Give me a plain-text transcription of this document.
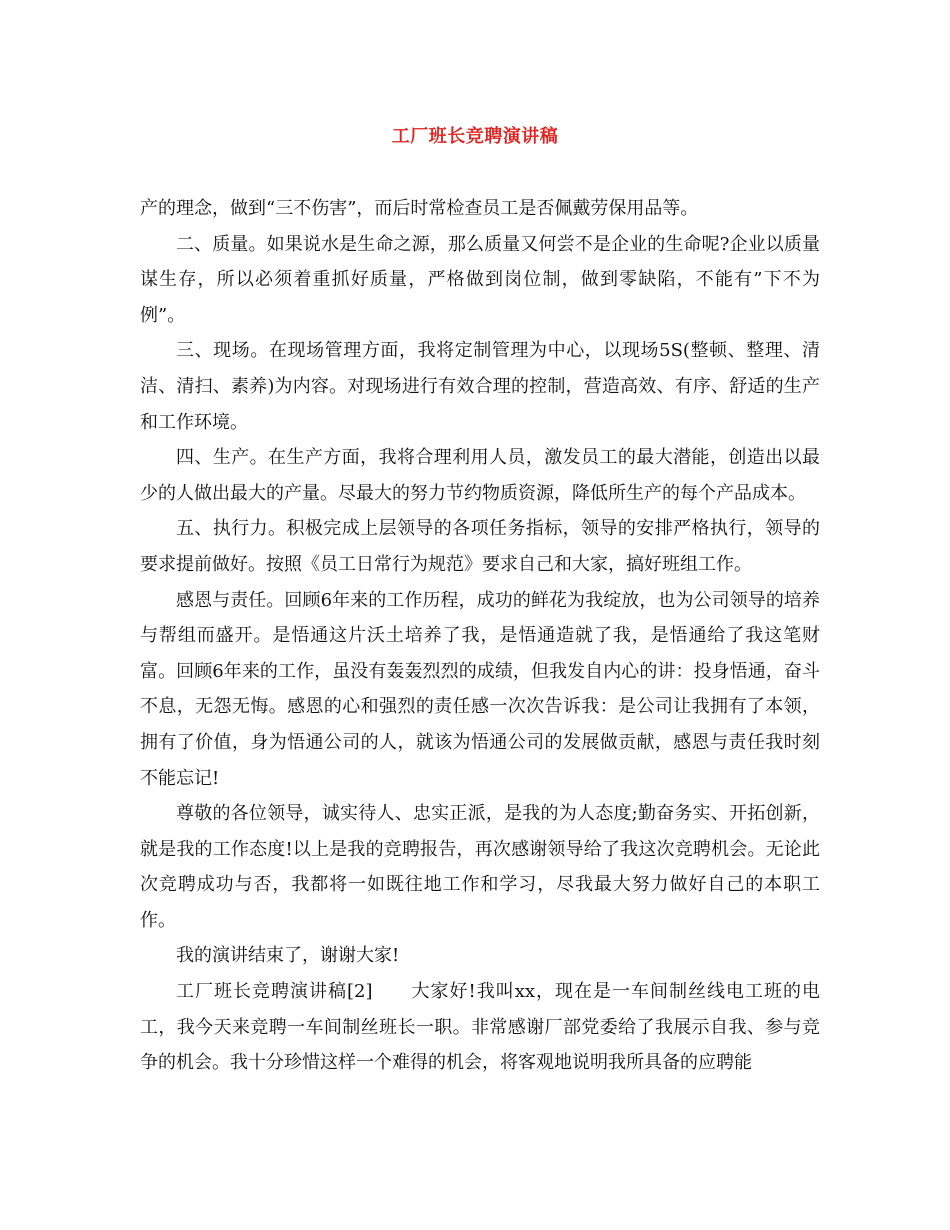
工厂班长竞聘演讲稿

产的理念，做到“三不伤害”，而后时常检查员工是否佩戴劳保用品等。

二、质量。如果说水是生命之源，那么质量又何尝不是企业的生命呢?企业以质量谋生存，所以必须着重抓好质量，严格做到岗位制，做到零缺陷，不能有”下不为例”。

三、现场。在现场管理方面，我将定制管理为中心，以现场5S(整顿、整理、清洁、清扫、素养)为内容。对现场进行有效合理的控制，营造高效、有序、舒适的生产和工作环境。

四、生产。在生产方面，我将合理利用人员，激发员工的最大潜能，创造出以最少的人做出最大的产量。尽最大的努力节约物质资源，降低所生产的每个产品成本。

五、执行力。积极完成上层领导的各项任务指标，领导的安排严格执行，领导的要求提前做好。按照《员工日常行为规范》要求自己和大家，搞好班组工作。

感恩与责任。回顾6年来的工作历程，成功的鲜花为我绽放，也为公司领导的培养与帮组而盛开。是悟通这片沃土培养了我，是悟通造就了我，是悟通给了我这笔财富。回顾6年来的工作，虽没有轰轰烈烈的成绩，但我发自内心的讲：投身悟通，奋斗不息，无怨无悔。感恩的心和强烈的责任感一次次告诉我：是公司让我拥有了本领，拥有了价值，身为悟通公司的人，就该为悟通公司的发展做贡献，感恩与责任我时刻不能忘记!

尊敬的各位领导，诚实待人、忠实正派，是我的为人态度;勤奋务实、开拓创新，就是我的工作态度!以上是我的竞聘报告，再次感谢领导给了我这次竞聘机会。无论此次竞聘成功与否，我都将一如既往地工作和学习，尽我最大努力做好自己的本职工作。

我的演讲结束了，谢谢大家!

工厂班长竞聘演讲稿[2]　　大家好!我叫xx，现在是一车间制丝线电工班的电工，我今天来竞聘一车间制丝班长一职。非常感谢厂部党委给了我展示自我、参与竞争的机会。我十分珍惜这样一个难得的机会，将客观地说明我所具备的应聘能
